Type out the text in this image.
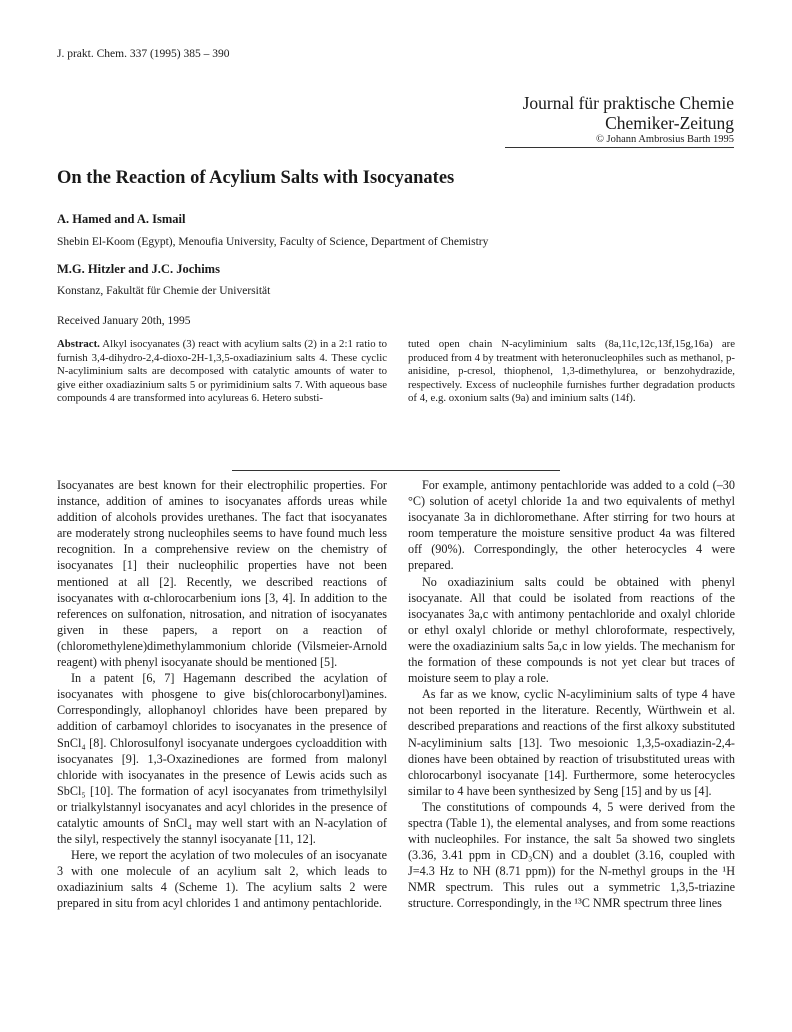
J. prakt. Chem. 337 (1995) 385 – 390
Journal für praktische Chemie
Chemiker-Zeitung
© Johann Ambrosius Barth 1995
On the Reaction of Acylium Salts with Isocyanates
A. Hamed and A. Ismail
Shebin El-Koom (Egypt), Menoufia University, Faculty of Science, Department of Chemistry
M.G. Hitzler and J.C. Jochims
Konstanz, Fakultät für Chemie der Universität
Received January 20th, 1995
Abstract. Alkyl isocyanates (3) react with acylium salts (2) in a 2:1 ratio to furnish 3,4-dihydro-2,4-dioxo-2H-1,3,5-oxadiazinium salts 4. These cyclic N-acyliminium salts are decomposed with catalytic amounts of water to give either oxadiazinium salts 5 or pyrimidinium salts 7. With aqueous base compounds 4 are transformed into acylureas 6. Hetero substi-
tuted open chain N-acyliminium salts (8a,11c,12c,13f,15g,16a) are produced from 4 by treatment with heteronucleophiles such as methanol, p-anisidine, p-cresol, thiophenol, 1,3-dimethylurea, or benzohydrazide, respectively. Excess of nucleophile furnishes further degradation products of 4, e.g. oxonium salts (9a) and iminium salts (14f).

Isocyanates are best known for their electrophilic properties. For instance, addition of amines to isocyanates affords ureas while addition of alcohols provides urethanes. The fact that isocyanates are moderately strong nucleophiles seems to have found much less recognition. In a comprehensive review on the chemistry of isocyanates [1] their nucleophilic properties have not been mentioned at all [2]. Recently, we described reactions of isocyanates with α-chlorocarbenium ions [3, 4]. In addition to the references on sulfonation, nitrosation, and nitration of isocyanates given in these papers, a report on a reaction of (chloromethylene)dimethylammonium chloride (Vilsmeier-Arnold reagent) with phenyl isocyanate should be mentioned [5].

In a patent [6, 7] Hagemann described the acylation of isocyanates with phosgene to give bis(chlorocarbonyl)amines. Correspondingly, allophanoyl chlorides have been prepared by addition of carbamoyl chlorides to isocyanates in the presence of SnCl₄ [8]. Chlorosulfonyl isocyanate undergoes cycloaddition with isocyanates [9]. 1,3-Oxazinediones are formed from malonyl chloride with isocyanates in the presence of Lewis acids such as SbCl₅ [10]. The formation of acyl isocyanates from trimethylsilyl or trialkylstannyl isocyanates and acyl chlorides in the presence of catalytic amounts of SnCl₄ may well start with an N-acylation of the silyl, respectively the stannyl isocyanate [11, 12].

Here, we report the acylation of two molecules of an isocyanate 3 with one molecule of an acylium salt 2, which leads to oxadiazinium salts 4 (Scheme 1). The acylium salts 2 were prepared in situ from acyl chlorides 1 and antimony pentachloride.

For example, antimony pentachloride was added to a cold (–30 °C) solution of acetyl chloride 1a and two equivalents of methyl isocyanate 3a in dichloromethane. After stirring for two hours at room temperature the moisture sensitive product 4a was filtered off (90%). Correspondingly, the other heterocycles 4 were prepared.

No oxadiazinium salts could be obtained with phenyl isocyanate. All that could be isolated from reactions of the isocyanates 3a,c with antimony pentachloride and oxalyl chloride or ethyl oxalyl chloride or methyl chloroformate, respectively, were the oxadiazinium salts 5a,c in low yields. The mechanism for the formation of these compounds is not yet clear but traces of moisture seem to play a role.

As far as we know, cyclic N-acyliminium salts of type 4 have not been reported in the literature. Recently, Würthwein et al. described preparations and reactions of the first alkoxy substituted N-acyliminium salts [13]. Two mesoionic 1,3,5-oxadiazin-2,4-diones have been obtained by reaction of trisubstituted ureas with chlorocarbonyl isocyanate [14]. Furthermore, some heterocycles similar to 4 have been synthesized by Seng [15] and by us [4].

The constitutions of compounds 4, 5 were derived from the spectra (Table 1), the elemental analyses, and from some reactions with nucleophiles. For instance, the salt 5a showed two singlets (3.36, 3.41 ppm in CD₃CN) and a doublet (3.16, coupled with J=4.3 Hz to NH (8.71 ppm)) for the N-methyl groups in the ¹H NMR spectrum. This rules out a symmetric 1,3,5-triazine structure. Correspondingly, in the ¹³C NMR spectrum three lines
